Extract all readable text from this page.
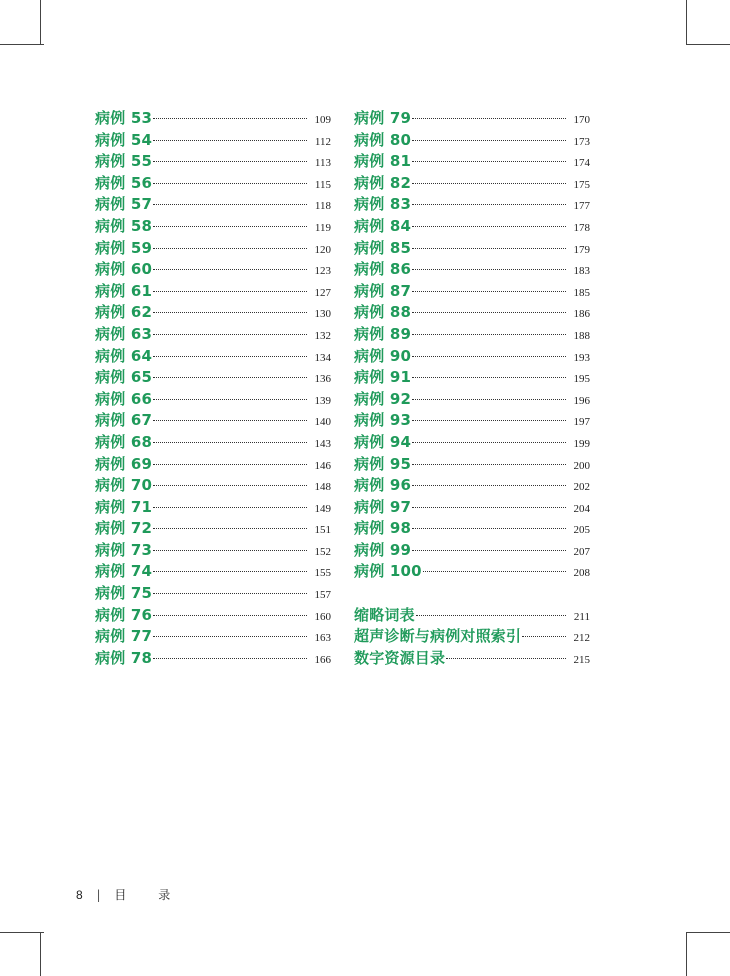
病例 53	109
病例 54	112
病例 55	113
病例 56	115
病例 57	118
病例 58	119
病例 59	120
病例 60	123
病例 61	127
病例 62	130
病例 63	132
病例 64	134
病例 65	136
病例 66	139
病例 67	140
病例 68	143
病例 69	146
病例 70	148
病例 71	149
病例 72	151
病例 73	152
病例 74	155
病例 75	157
病例 76	160
病例 77	163
病例 78	166
病例 79	170
病例 80	173
病例 81	174
病例 82	175
病例 83	177
病例 84	178
病例 85	179
病例 86	183
病例 87	185
病例 88	186
病例 89	188
病例 90	193
病例 91	195
病例 92	196
病例 93	197
病例 94	199
病例 95	200
病例 96	202
病例 97	204
病例 98	205
病例 99	207
病例 100	208
缩略词表	211
超声诊断与病例对照索引	212
数字资源目录	215
8 | 目 录
